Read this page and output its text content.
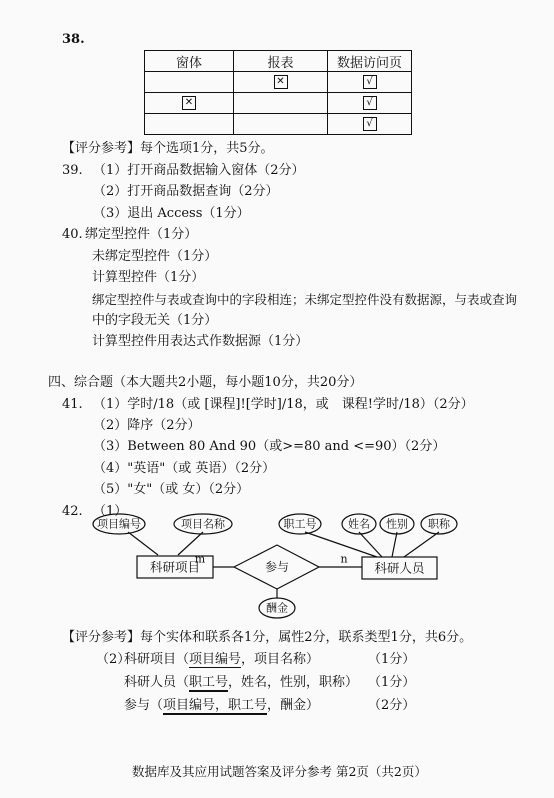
38.
窗体	报表	数据访问页
	✕	√
✕		√
		√
【评分参考】每个选项1分，共5分。
39. （1）打开商品数据输入窗体（2分）
（2）打开商品数据查询（2分）
（3）退出 Access（1分）
40. 绑定型控件（1分）
未绑定型控件（1分）
计算型控件（1分）
绑定型控件与表或查询中的字段相连；未绑定型控件没有数据源，与表或查询
中的字段无关（1分）
计算型控件用表达式作数据源（1分）
四、综合题（本大题共2小题，每小题10分，共20分）
41. （1）学时/18（或 [课程]![学时]/18，或　课程!学时/18）（2分）
（2）降序（2分）
（3）Between 80 And 90（或>=80 and <=90）（2分）
（4）"英语"（或 英语）（2分）
（5）"女"（或 女）（2分）
42. （1）
项目编号	项目名称	职工号	姓名 性别 职称
酬金
科研项目	科研人员
参与
m	n
【评分参考】每个实体和联系各1分，属性2分，联系类型1分，共6分。
（2）
科研项目（项目编号，项目名称）	（1分）
科研人员（职工号，姓名，性别，职称） （1分）
参与（项目编号，职工号，酬金）	（2分）
数据库及其应用试题答案及评分参考 第2页（共2页）
